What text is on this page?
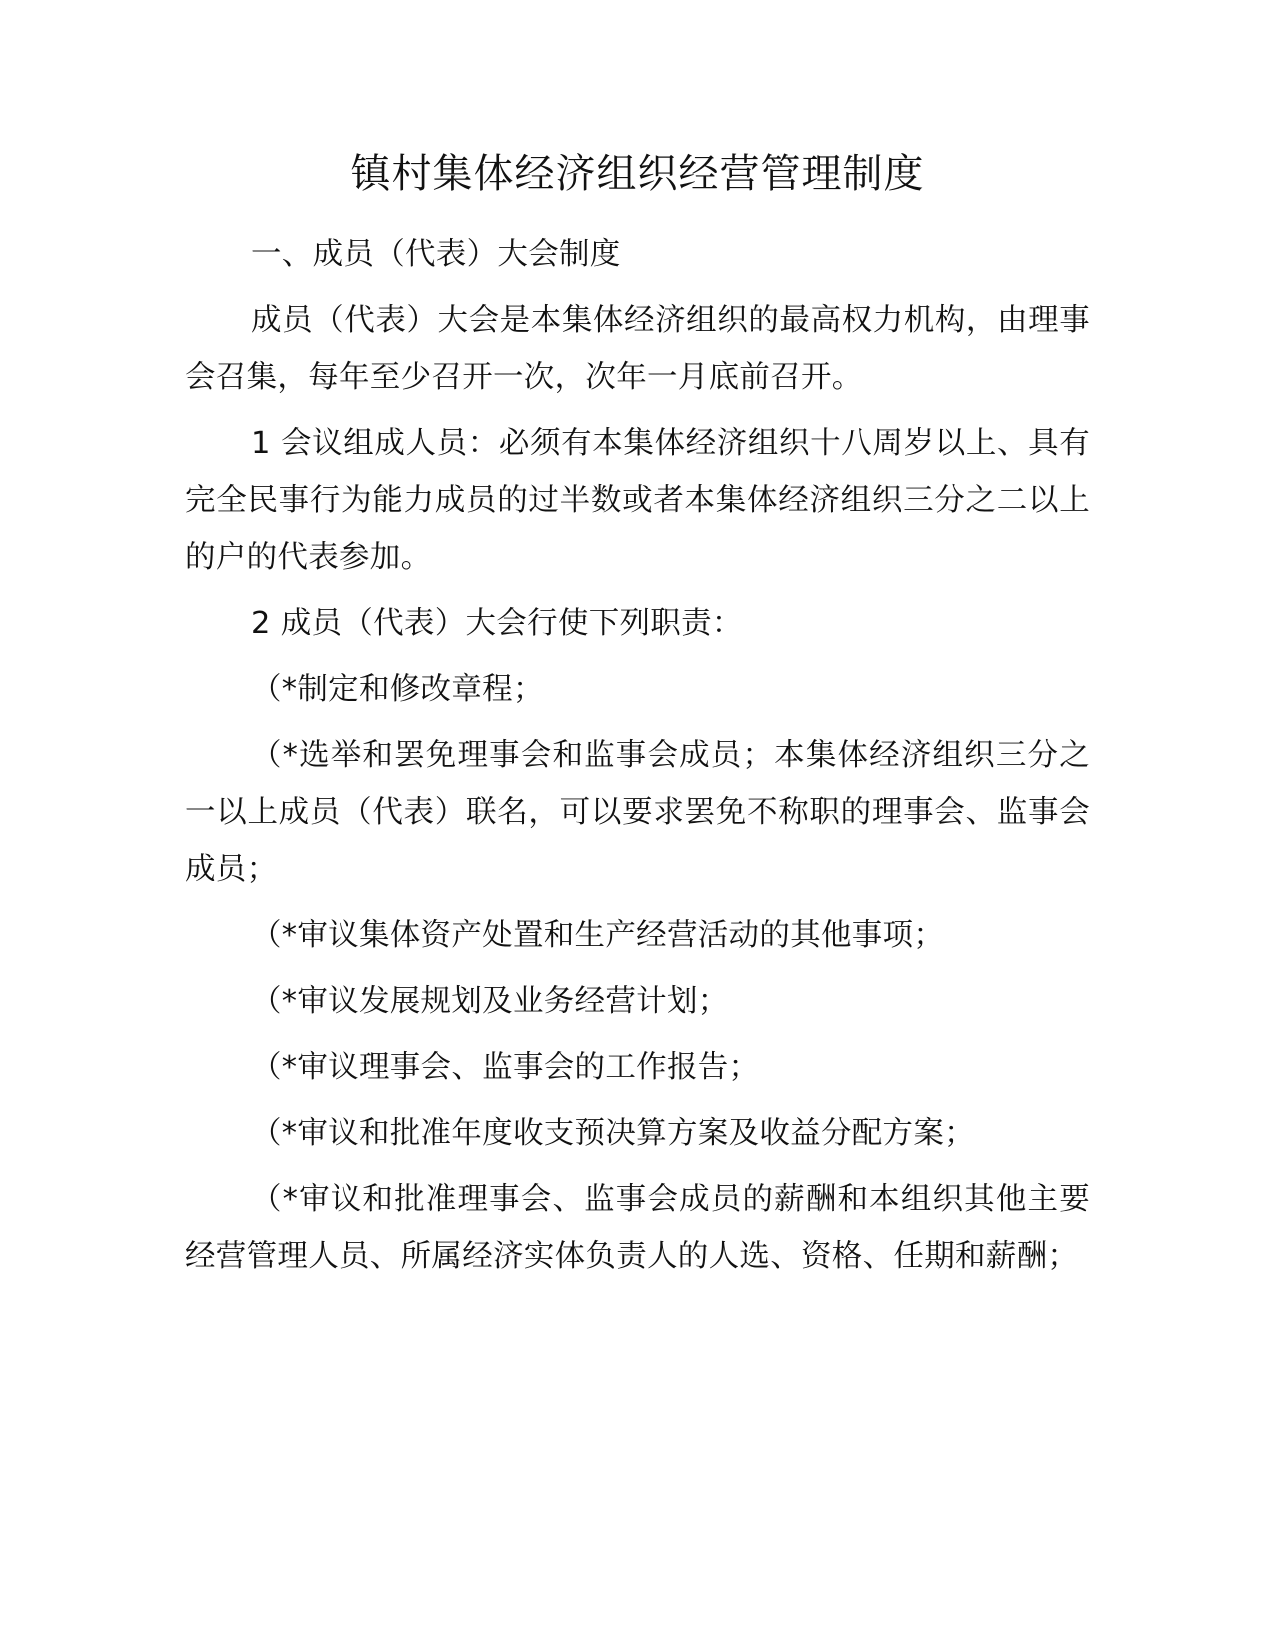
镇村集体经济组织经营管理制度

一、成员（代表）大会制度

成员（代表）大会是本集体经济组织的最高权力机构，由理事会召集，每年至少召开一次，次年一月底前召开。

1 会议组成人员：必须有本集体经济组织十八周岁以上、具有完全民事行为能力成员的过半数或者本集体经济组织三分之二以上的户的代表参加。

2 成员（代表）大会行使下列职责：

（*制定和修改章程；

（*选举和罢免理事会和监事会成员；本集体经济组织三分之一以上成员（代表）联名，可以要求罢免不称职的理事会、监事会成员；

（*审议集体资产处置和生产经营活动的其他事项；

（*审议发展规划及业务经营计划；

（*审议理事会、监事会的工作报告；

（*审议和批准年度收支预决算方案及收益分配方案；

（*审议和批准理事会、监事会成员的薪酬和本组织其他主要经营管理人员、所属经济实体负责人的人选、资格、任期和薪酬；
